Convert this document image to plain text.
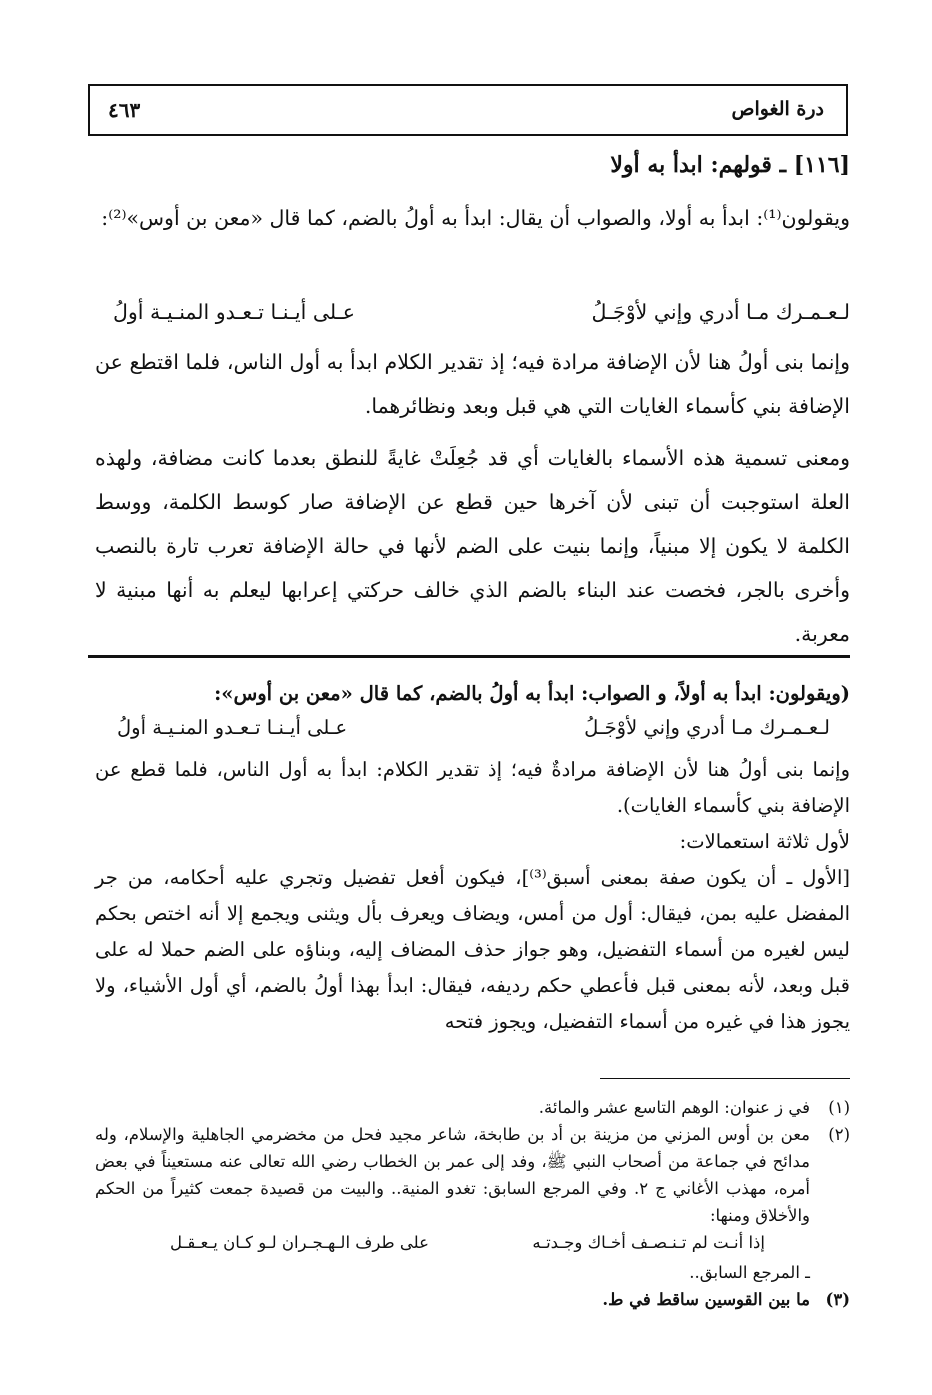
درة الغواص
٤٦٣
[١١٦] ـ قولهم: ابدأ به أولا
ويقولون⁽¹⁾: ابدأ به أولا، والصواب أن يقال: ابدأ به أولُ بالضم، كما قال «معن بن أوس»⁽²⁾:
لـعـمـرك مـا أدري وإني لأوْجَـلُ
عـلى أيـنـا تـعـدو المنـيـة أولُ
وإنما بنى أولُ هنا لأن الإضافة مرادة فيه؛ إذ تقدير الكلام ابدأ به أول الناس، فلما اقتطع عن الإضافة بني كأسماء الغايات التي هي قبل وبعد ونظائرهما.
ومعنى تسمية هذه الأسماء بالغايات أي قد جُعِلَتْ غايةً للنطق بعدما كانت مضافة، ولهذه العلة استوجبت أن تبنى لأن آخرها حين قطع عن الإضافة صار كوسط الكلمة، ووسط الكلمة لا يكون إلا مبنياً، وإنما بنيت على الضم لأنها في حالة الإضافة تعرب تارة بالنصب وأخرى بالجر، فخصت عند البناء بالضم الذي خالف حركتي إعرابها ليعلم به أنها مبنية لا معربة.
(ويقولون: ابدأ به أولاً، و الصواب: ابدأ به أولُ بالضم، كما قال «معن بن أوس»:
لـعـمـرك مـا أدري وإني لأوْجَـلُ
عـلى أيـنـا تـعـدو المنـيـة أولُ
وإنما بنى أولُ هنا لأن الإضافة مرادةٌ فيه؛ إذ تقدير الكلام: ابدأ به أول الناس، فلما قطع عن الإضافة بني كأسماء الغايات).
لأول ثلاثة استعمالات:
[الأول ـ أن يكون صفة بمعنى أسبق⁽³⁾]، فيكون أفعل تفضيل وتجري عليه أحكامه، من جر المفضل عليه بمن، فيقال: أول من أمس، ويضاف ويعرف بأل ويثنى ويجمع إلا أنه اختص بحكم ليس لغيره من أسماء التفضيل، وهو جواز حذف المضاف إليه، وبناؤه على الضم حملا له على قبل وبعد، لأنه بمعنى قبل فأعطي حكم رديفه، فيقال: ابدأ بهذا أولُ بالضم، أي أول الأشياء، ولا يجوز هذا في غيره من أسماء التفضيل، ويجوز فتحه
(١)
في ز عنوان: الوهم التاسع عشر والمائة.
(٢)
معن بن أوس المزني من مزينة بن أد بن طابخة، شاعر مجيد فحل من مخضرمي الجاهلية والإسلام، وله مدائح في جماعة من أصحاب النبي ﷺ، وفد إلى عمر بن الخطاب رضي الله تعالى عنه مستعيناً في بعض أمره، مهذب الأغاني ج ٢. وفي المرجع السابق: تغدو المنية.. والبيت من قصيدة جمعت كثيراً من الحكم والأخلاق ومنها:
إذا أنـت لم تـنـصـف أخـاك وجـدتـه
على طرف الـهـجـران لـو كـان يـعـقـل
ـ المرجع السابق..
(٣)
ما بين القوسين ساقط في ط.
